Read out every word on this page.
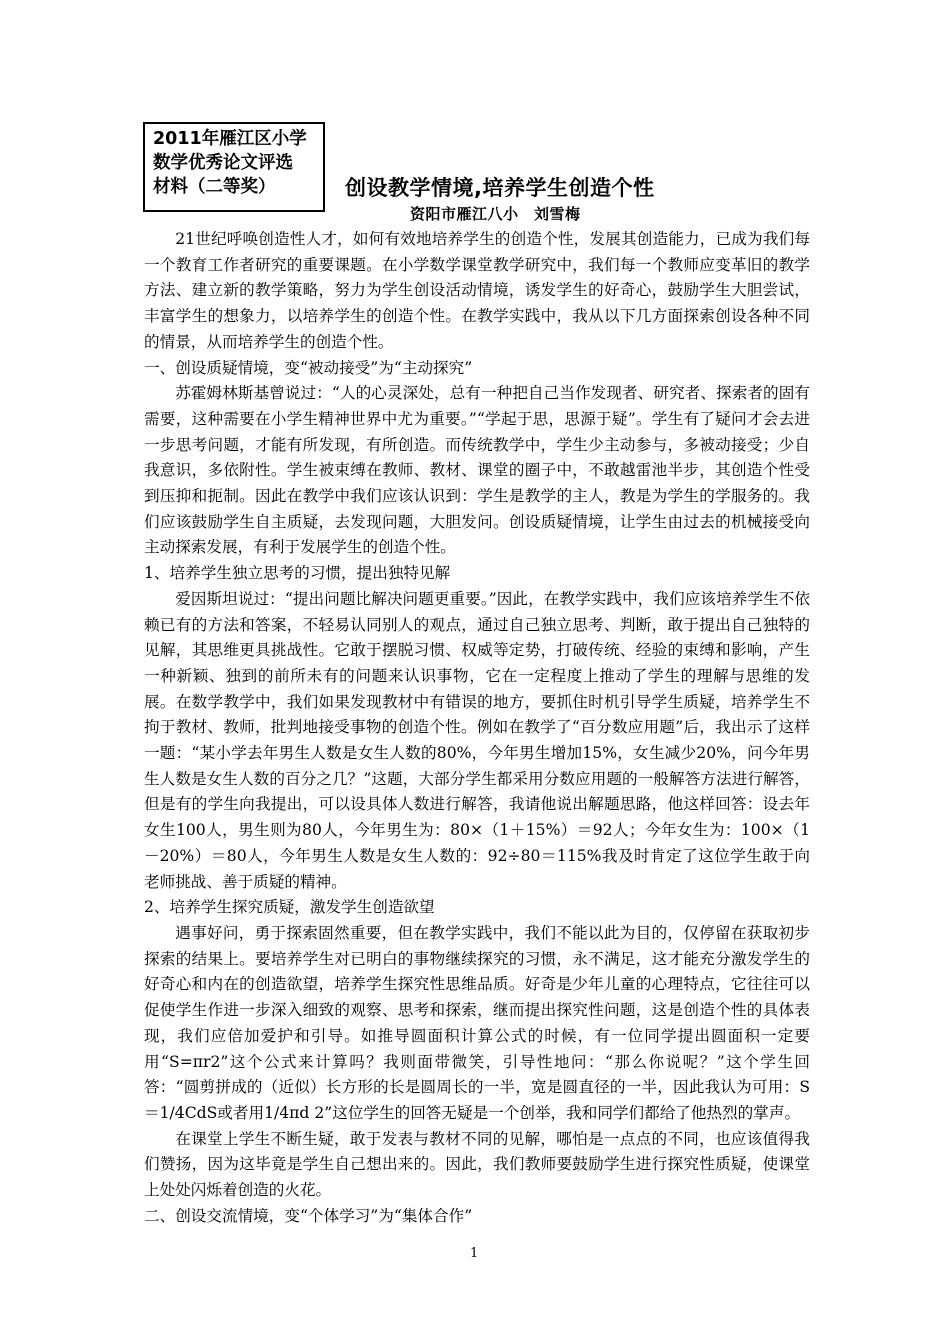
2011年雁江区小学
数学优秀论文评选
材料（二等奖）	创设教学情境,培养学生创造个性
资阳市雁江八小　刘雪梅

21世纪呼唤创造性人才，如何有效地培养学生的创造个性，发展其创造能力，已成为我们每一个教育工作者研究的重要课题。在小学数学课堂教学研究中，我们每一个教师应变革旧的教学方法、建立新的教学策略，努力为学生创设活动情境，诱发学生的好奇心，鼓励学生大胆尝试，丰富学生的想象力，以培养学生的创造个性。在教学实践中，我从以下几方面探索创设各种不同的情景，从而培养学生的创造个性。

一、创设质疑情境，变“被动接受”为“主动探究”

苏霍姆林斯基曾说过：“人的心灵深处，总有一种把自己当作发现者、研究者、探索者的固有需要，这种需要在小学生精神世界中尤为重要。”“学起于思，思源于疑”。学生有了疑问才会去进一步思考问题，才能有所发现，有所创造。而传统教学中，学生少主动参与，多被动接受；少自我意识，多依附性。学生被束缚在教师、教材、课堂的圈子中，不敢越雷池半步，其创造个性受到压抑和扼制。因此在教学中我们应该认识到：学生是教学的主人，教是为学生的学服务的。我们应该鼓励学生自主质疑，去发现问题，大胆发问。创设质疑情境，让学生由过去的机械接受向主动探索发展，有利于发展学生的创造个性。

1、培养学生独立思考的习惯，提出独特见解

爱因斯坦说过：“提出问题比解决问题更重要。”因此，在教学实践中，我们应该培养学生不依赖已有的方法和答案，不轻易认同别人的观点，通过自己独立思考、判断，敢于提出自己独特的见解，其思维更具挑战性。它敢于摆脱习惯、权威等定势，打破传统、经验的束缚和影响，产生一种新颖、独到的前所未有的问题来认识事物，它在一定程度上推动了学生的理解与思维的发展。在数学教学中，我们如果发现教材中有错误的地方，要抓住时机引导学生质疑，培养学生不拘于教材、教师，批判地接受事物的创造个性。例如在教学了“百分数应用题”后，我出示了这样一题：“某小学去年男生人数是女生人数的80%，今年男生增加15%，女生减少20%，问今年男生人数是女生人数的百分之几？”这题，大部分学生都采用分数应用题的一般解答方法进行解答，但是有的学生向我提出，可以设具体人数进行解答，我请他说出解题思路，他这样回答：设去年女生100人，男生则为80人，今年男生为：80×（1＋15%）＝92人；今年女生为：100×（1－20%）＝80人，今年男生人数是女生人数的：92÷80＝115%我及时肯定了这位学生敢于向老师挑战、善于质疑的精神。

2、培养学生探究质疑，激发学生创造欲望

遇事好问，勇于探索固然重要，但在教学实践中，我们不能以此为目的，仅停留在获取初步探索的结果上。要培养学生对已明白的事物继续探究的习惯，永不满足，这才能充分激发学生的好奇心和内在的创造欲望，培养学生探究性思维品质。好奇是少年儿童的心理特点，它往往可以促使学生作进一步深入细致的观察、思考和探索，继而提出探究性问题，这是创造个性的具体表现，我们应倍加爱护和引导。如推导圆面积计算公式的时候，有一位同学提出圆面积一定要用“S=πr2”这个公式来计算吗？我则面带微笑，引导性地问：“那么你说呢？”这个学生回答：“圆剪拼成的（近似）长方形的长是圆周长的一半，宽是圆直径的一半，因此我认为可用：S＝1/4CdS或者用1/4πd 2”这位学生的回答无疑是一个创举，我和同学们都给了他热烈的掌声。

在课堂上学生不断生疑，敢于发表与教材不同的见解，哪怕是一点点的不同，也应该值得我们赞扬，因为这毕竟是学生自己想出来的。因此，我们教师要鼓励学生进行探究性质疑，使课堂上处处闪烁着创造的火花。

二、创设交流情境，变“个体学习”为“集体合作”

1
